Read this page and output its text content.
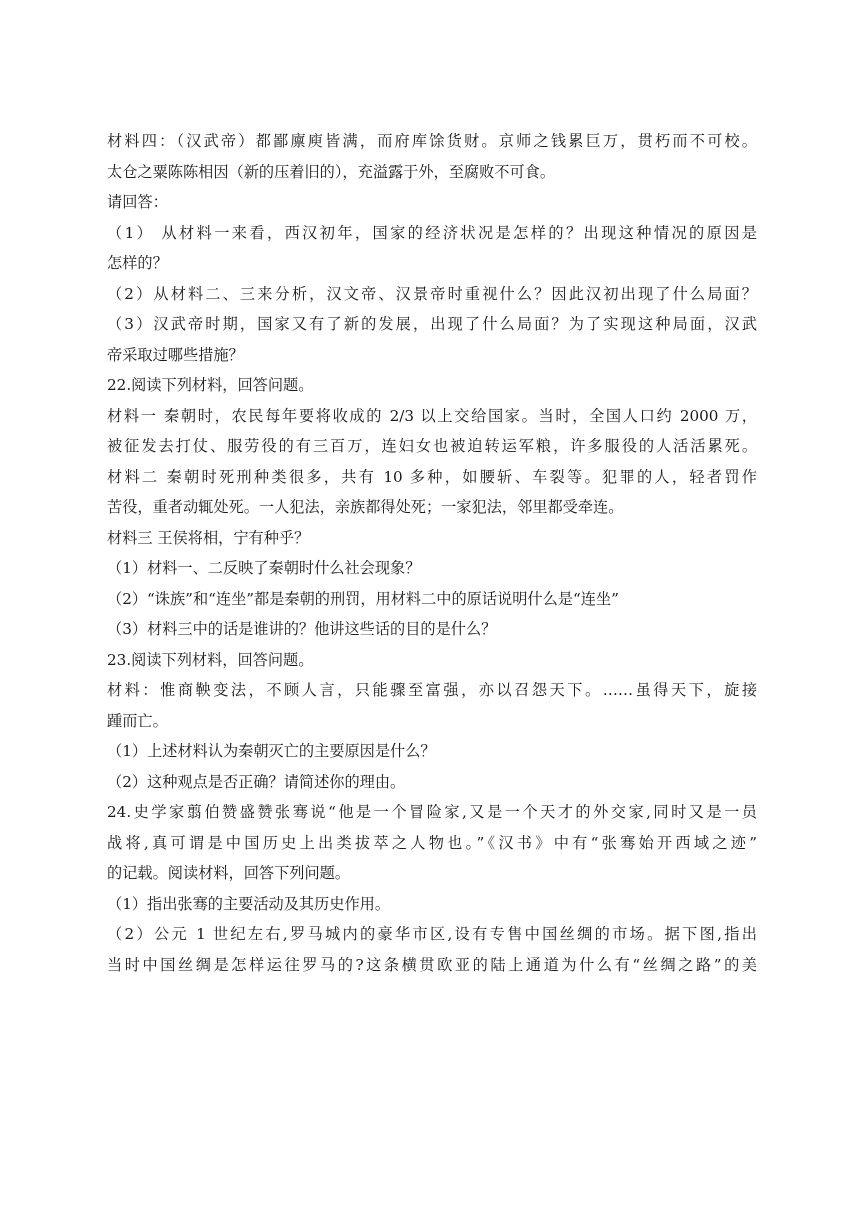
材料四：（汉武帝）都鄙廪庾皆满，而府库馀货财。京师之钱累巨万，贯朽而不可校。
太仓之粟陈陈相因（新的压着旧的），充溢露于外，至腐败不可食。
请回答：
（1） 从材料一来看，西汉初年，国家的经济状况是怎样的？出现这种情况的原因是
怎样的？
（2）从材料二、三来分析，汉文帝、汉景帝时重视什么？因此汉初出现了什么局面？
（3）汉武帝时期，国家又有了新的发展，出现了什么局面？为了实现这种局面，汉武
帝采取过哪些措施？
22.阅读下列材料，回答问题。
材料一 秦朝时，农民每年要将收成的 2/3 以上交给国家。当时，全国人口约 2000 万，
被征发去打仗、服劳役的有三百万，连妇女也被迫转运军粮，许多服役的人活活累死。
材料二 秦朝时死刑种类很多，共有 10 多种，如腰斩、车裂等。犯罪的人，轻者罚作
苦役，重者动辄处死。一人犯法，亲族都得处死；一家犯法，邻里都受牵连。
材料三 王侯将相，宁有种乎？
（1）材料一、二反映了秦朝时什么社会现象？
（2）“诛族”和“连坐”都是秦朝的刑罚，用材料二中的原话说明什么是“连坐”
（3）材料三中的话是谁讲的？他讲这些话的目的是什么？
23.阅读下列材料，回答问题。
材料：惟商鞅变法，不顾人言，只能骤至富强，亦以召怨天下。……虽得天下，旋接
踵而亡。
（1）上述材料认为秦朝灭亡的主要原因是什么？
（2）这种观点是否正确？请简述你的理由。
24.史学家翦伯赞盛赞张骞说“他是一个冒险家,又是一个天才的外交家,同时又是一员
战将,真可谓是中国历史上出类拔萃之人物也。”《汉书》中有“张骞始开西域之迹”
的记载。阅读材料，回答下列问题。
（1）指出张骞的主要活动及其历史作用。
（2）公元 1 世纪左右,罗马城内的豪华市区,设有专售中国丝绸的市场。据下图,指出
当时中国丝绸是怎样运往罗马的?这条横贯欧亚的陆上通道为什么有“丝绸之路”的美
